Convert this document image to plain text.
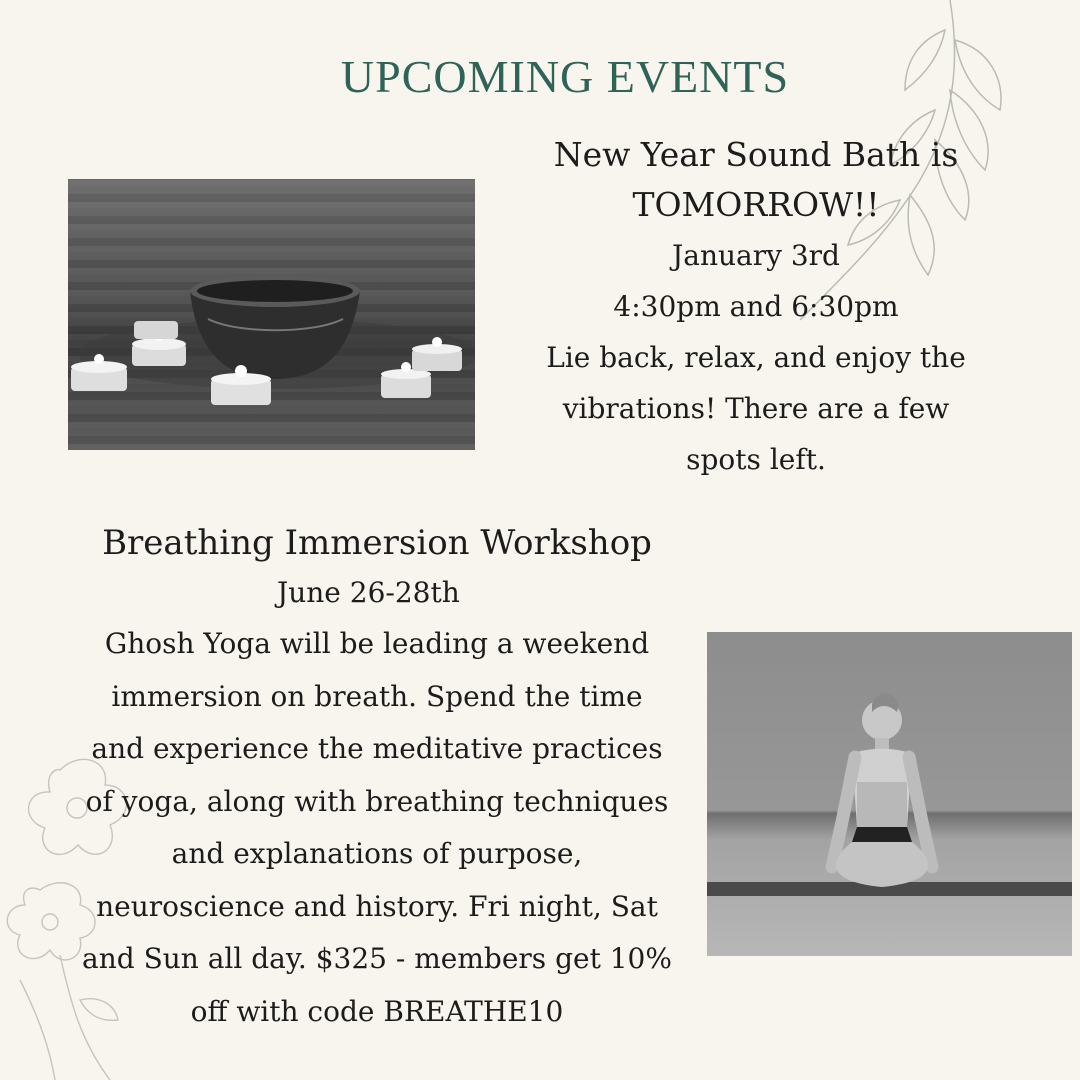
UPCOMING EVENTS
New Year Sound Bath is
TOMORROW!!
January 3rd
4:30pm and 6:30pm
Lie back, relax, and enjoy the
vibrations! There are a few
spots left.
Breathing Immersion Workshop
June 26-28th
Ghosh Yoga will be leading a weekend
immersion on breath. Spend the time
and experience the meditative practices
of yoga, along with breathing techniques
and explanations of purpose,
neuroscience and history. Fri night, Sat
and Sun all day. $325 - members get 10%
off with code BREATHE10
